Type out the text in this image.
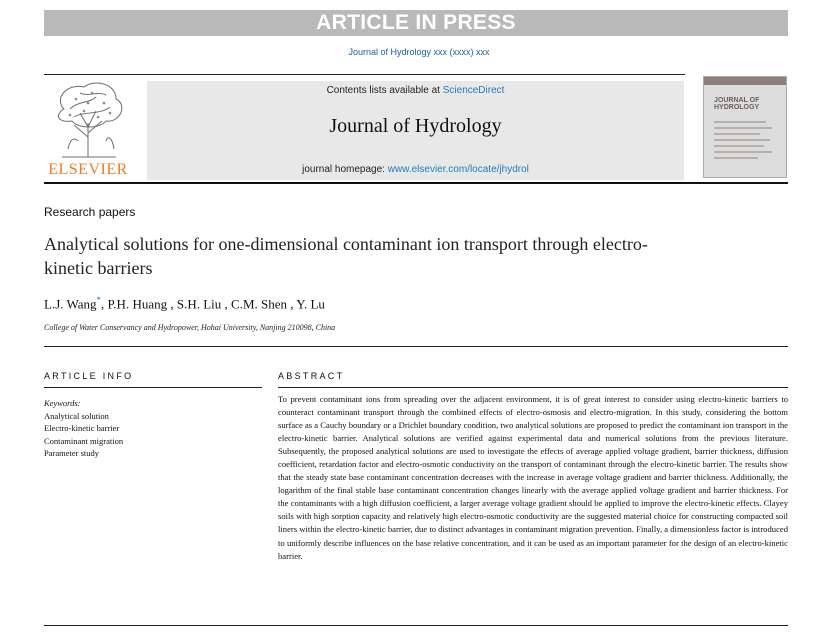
ARTICLE IN PRESS
Journal of Hydrology xxx (xxxx) xxx
ELSEVIER
Contents lists available at ScienceDirect
Journal of Hydrology
journal homepage: www.elsevier.com/locate/jhydrol
JOURNAL OF
HYDROLOGY
Research papers
Analytical solutions for one-dimensional contaminant ion transport through electro-kinetic barriers
L.J. Wang*, P.H. Huang , S.H. Liu , C.M. Shen , Y. Lu
College of Water Conservancy and Hydropower, Hohai University, Nanjing 210098, China
ARTICLE INFO
Keywords:
Analytical solution
Electro-kinetic barrier
Contaminant migration
Parameter study
ABSTRACT
To prevent contaminant ions from spreading over the adjacent environment, it is of great interest to consider using electro-kinetic barriers to counteract contaminant transport through the combined effects of electro-osmosis and electro-migration. In this study, considering the bottom surface as a Cauchy boundary or a Drichlet boundary condition, two analytical solutions are proposed to predict the contaminant ion transport in the electro-kinetic barrier. Analytical solutions are verified against experimental data and numerical solutions from the previous literature. Subsequently, the proposed analytical solutions are used to investigate the effects of average applied voltage gradient, barrier thickness, diffusion coefficient, retardation factor and electro-osmotic conductivity on the transport of contaminant through the electro-kinetic barrier. The results show that the steady state base contaminant concentration decreases with the increase in average voltage gradient and barrier thickness. Additionally, the logarithm of the final stable base contaminant concentration changes linearly with the average applied voltage gradient and barrier thickness. For the contaminants with a high diffusion coefficient, a larger average voltage gradient should be applied to improve the electro-kinetic effects. Clayey soils with high sorption capacity and relatively high electro-osmotic conductivity are the suggested material choice for constructing compacted soil liners within the electro-kinetic barrier, due to distinct advantages in contaminant migration prevention. Finally, a dimensionless factor is introduced to uniformly describe influences on the base relative concentration, and it can be used as an important parameter for the design of an electro-kinetic barrier.
